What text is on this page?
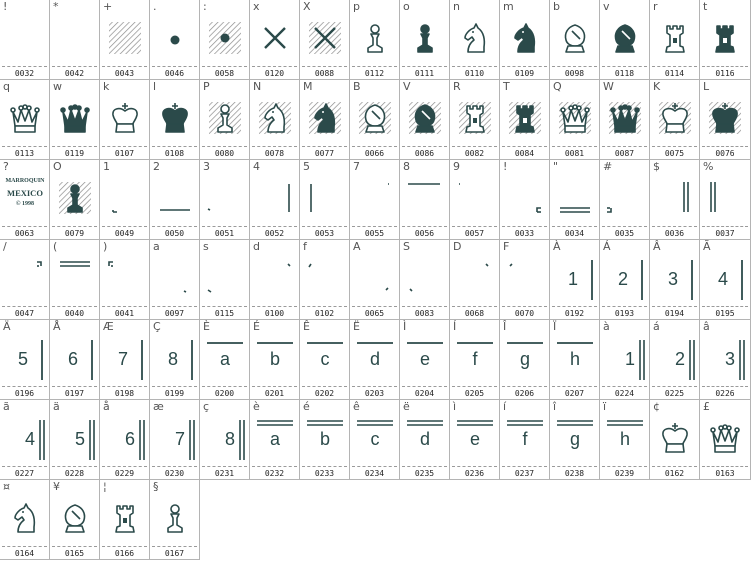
!
0032
*
0042
+
0043
.
0046
:
0058
x
0120
X
0088
p
0112
o
0111
n
0110
m
0109
b
0098
v
0118
r
0114
t
0116
q
0113
w
0119
k
0107
l
0108
P
0080
N
0078
M
0077
B
0066
V
0086
R
0082
T
0084
Q
0081
W
0087
K
0075
L
0076
?
MARROQUIN
MEXICO
© 1998
0063
O
0079
1
0049
2
0050
3
0051
4
0052
5
0053
7
0055
8
0056
9
0057
!
0033
"
0034
#
0035
$
0036
%
0037
/
0047
(
0040
)
0041
a
0097
s
0115
d
0100
f
0102
A
0065
S
0083
D
0068
F
0070
À
1
0192
Á
2
0193
Â
3
0194
Ã
4
0195
Ä
5
0196
Å
6
0197
Æ
7
0198
Ç
8
0199
È
a
0200
É
b
0201
Ê
c
0202
Ë
d
0203
Ì
e
0204
Í
f
0205
Î
g
0206
Ï
h
0207
à
1
0224
á
2
0225
â
3
0226
ã
4
0227
ä
5
0228
å
6
0229
æ
7
0230
ç
8
0231
è
a
0232
é
b
0233
ê
c
0234
ë
d
0235
ì
e
0236
í
f
0237
î
g
0238
ï
h
0239
¢
0162
£
0163
¤
0164
¥
0165
¦
0166
§
0167
